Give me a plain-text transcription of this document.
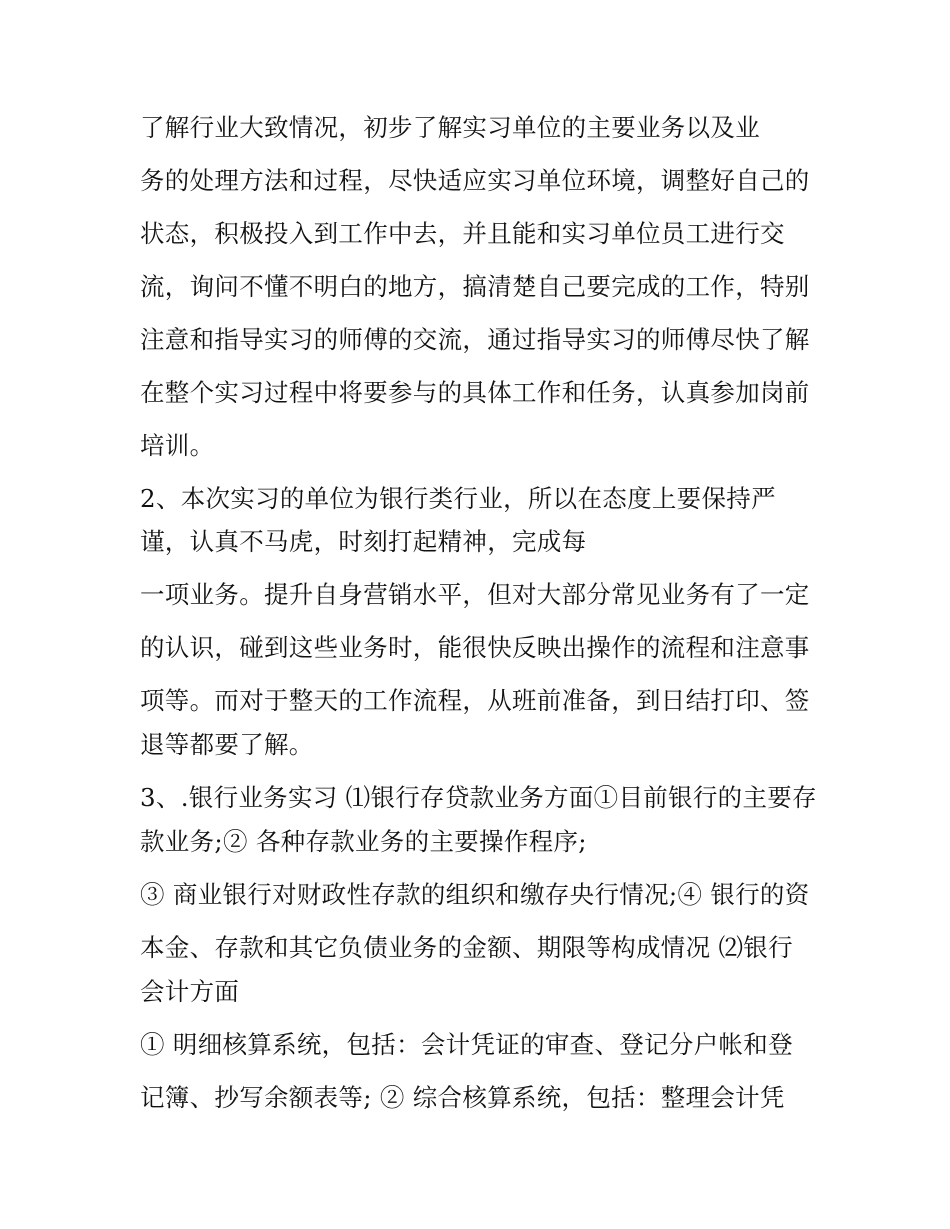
了解行业大致情况，初步了解实习单位的主要业务以及业
务的处理方法和过程，尽快适应实习单位环境，调整好自己的
状态，积极投入到工作中去，并且能和实习单位员工进行交
流，询问不懂不明白的地方，搞清楚自己要完成的工作，特别
注意和指导实习的师傅的交流，通过指导实习的师傅尽快了解
在整个实习过程中将要参与的具体工作和任务，认真参加岗前
培训。
2、本次实习的单位为银行类行业，所以在态度上要保持严
谨，认真不马虎，时刻打起精神，完成每
一项业务。提升自身营销水平，但对大部分常见业务有了一定
的认识，碰到这些业务时，能很快反映出操作的流程和注意事
项等。而对于整天的工作流程，从班前准备，到日结打印、签
退等都要了解。
3、.银行业务实习 ⑴银行存贷款业务方面①目前银行的主要存
款业务;② 各种存款业务的主要操作程序;
③ 商业银行对财政性存款的组织和缴存央行情况;④ 银行的资
本金、存款和其它负债业务的金额、期限等构成情况 ⑵银行
会计方面
① 明细核算系统，包括：会计凭证的审查、登记分户帐和登
记簿、抄写余额表等; ② 综合核算系统，包括：整理会计凭
